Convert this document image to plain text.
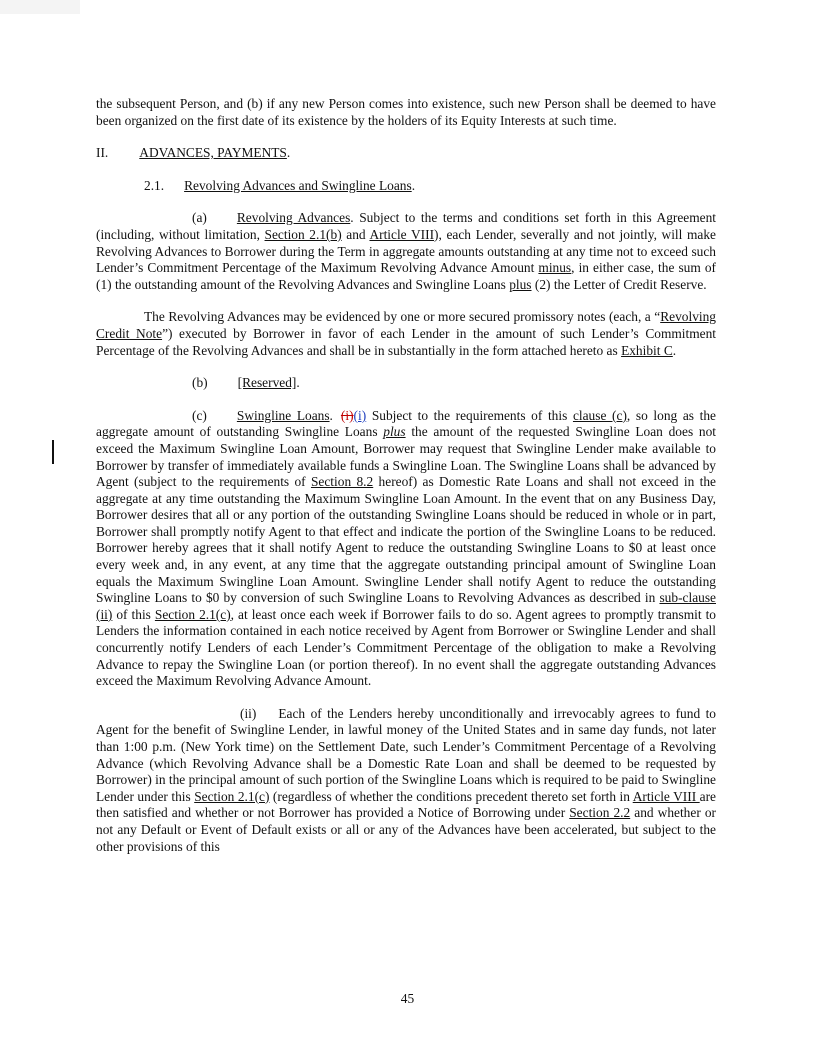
the subsequent Person, and (b) if any new Person comes into existence, such new Person shall be deemed to have been organized on the first date of its existence by the holders of its Equity Interests at such time.

II. ADVANCES, PAYMENTS.

2.1. Revolving Advances and Swingline Loans.

(a) Revolving Advances. Subject to the terms and conditions set forth in this Agreement (including, without limitation, Section 2.1(b) and Article VIII), each Lender, severally and not jointly, will make Revolving Advances to Borrower during the Term in aggregate amounts outstanding at any time not to exceed such Lender’s Commitment Percentage of the Maximum Revolving Advance Amount minus, in either case, the sum of (1) the outstanding amount of the Revolving Advances and Swingline Loans plus (2) the Letter of Credit Reserve.

The Revolving Advances may be evidenced by one or more secured promissory notes (each, a “Revolving Credit Note”) executed by Borrower in favor of each Lender in the amount of such Lender’s Commitment Percentage of the Revolving Advances and shall be in substantially in the form attached hereto as Exhibit C.

(b) [Reserved].

(c) Swingline Loans. (i)(i) Subject to the requirements of this clause (c), so long as the aggregate amount of outstanding Swingline Loans plus the amount of the requested Swingline Loan does not exceed the Maximum Swingline Loan Amount, Borrower may request that Swingline Lender make available to Borrower by transfer of immediately available funds a Swingline Loan. The Swingline Loans shall be advanced by Agent (subject to the requirements of Section 8.2 hereof) as Domestic Rate Loans and shall not exceed in the aggregate at any time outstanding the Maximum Swingline Loan Amount. In the event that on any Business Day, Borrower desires that all or any portion of the outstanding Swingline Loans should be reduced in whole or in part, Borrower shall promptly notify Agent to that effect and indicate the portion of the Swingline Loans to be reduced. Borrower hereby agrees that it shall notify Agent to reduce the outstanding Swingline Loans to $0 at least once every week and, in any event, at any time that the aggregate outstanding principal amount of Swingline Loan equals the Maximum Swingline Loan Amount. Swingline Lender shall notify Agent to reduce the outstanding Swingline Loans to $0 by conversion of such Swingline Loans to Revolving Advances as described in sub-clause (ii) of this Section 2.1(c), at least once each week if Borrower fails to do so. Agent agrees to promptly transmit to Lenders the information contained in each notice received by Agent from Borrower or Swingline Lender and shall concurrently notify Lenders of each Lender’s Commitment Percentage of the obligation to make a Revolving Advance to repay the Swingline Loan (or portion thereof). In no event shall the aggregate outstanding Advances exceed the Maximum Revolving Advance Amount.

(ii) Each of the Lenders hereby unconditionally and irrevocably agrees to fund to Agent for the benefit of Swingline Lender, in lawful money of the United States and in same day funds, not later than 1:00 p.m. (New York time) on the Settlement Date, such Lender’s Commitment Percentage of a Revolving Advance (which Revolving Advance shall be a Domestic Rate Loan and shall be deemed to be requested by Borrower) in the principal amount of such portion of the Swingline Loans which is required to be paid to Swingline Lender under this Section 2.1(c) (regardless of whether the conditions precedent thereto set forth in Article VIII are then satisfied and whether or not Borrower has provided a Notice of Borrowing under Section 2.2 and whether or not any Default or Event of Default exists or all or any of the Advances have been accelerated, but subject to the other provisions of this

45
